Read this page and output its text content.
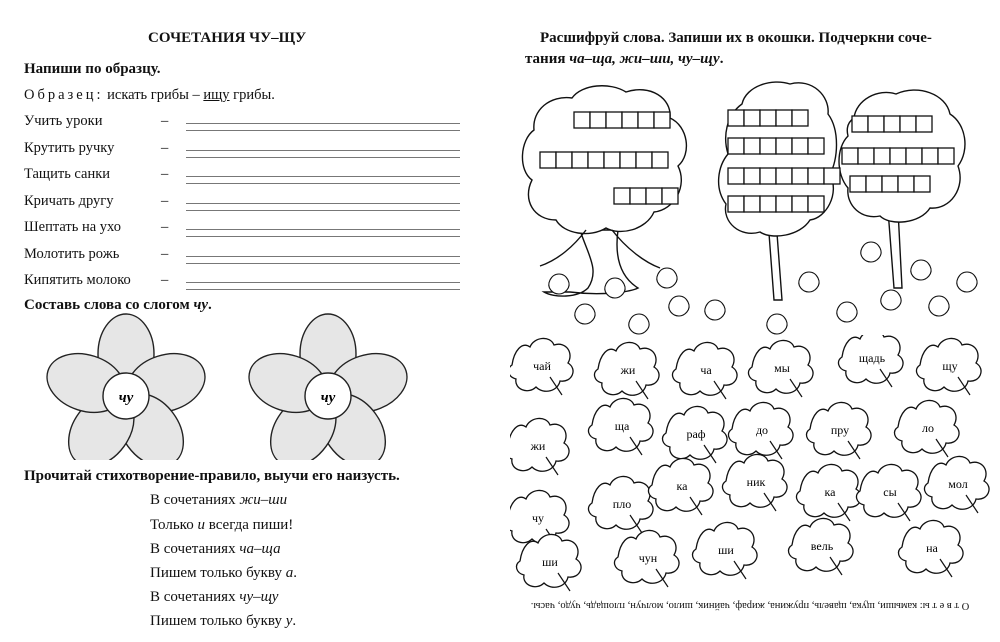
СОЧЕТАНИЯ ЧУ–ЩУ
Напиши по образцу.
Образец: искать грибы – ищу грибы.
Учить уроки	–
Крутить ручку	–
Тащить санки	–
Кричать другу	–
Шептать на ухо	–
Молотить рожь	–
Кипятить молоко –
Составь слова со слогом чу.
чу	чу
Прочитай стихотворение-правило, выучи его наизусть.
В сочетаниях жи–ши
Только и всегда пиши!
В сочетаниях ча–ща
Пишем только букву а.
В сочетаниях чу–щу
Пишем только букву у.
Расшифруй слова. Запиши их в окошки. Подчеркни соче-
тания ча–ща, жи–ши, чу–щу.
чай	жи	ча	мы
щадь
щу
жи
ща
раф	до	пру	ло
плo
ка	ник
ка	сы
мол
чу
чун
ши	вель	на
ши
О т в е т ы: камыши, щука, щавель, пружина, жираф, чайник, шило, молчун, площадь, чудо, часы.
